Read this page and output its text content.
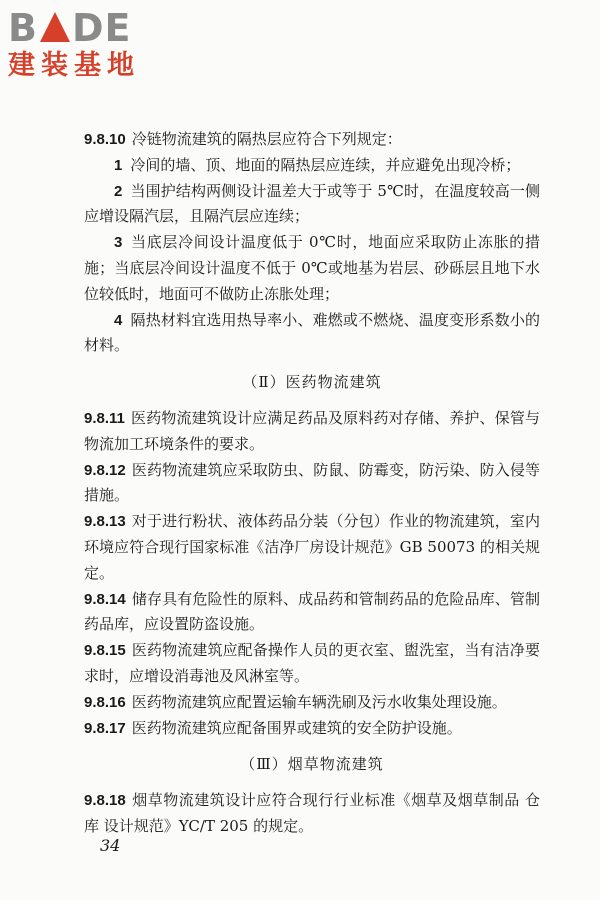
B DE
建装基地

9.8.10 冷链物流建筑的隔热层应符合下列规定：

1 冷间的墙、顶、地面的隔热层应连续，并应避免出现冷桥；

2 当围护结构两侧设计温差大于或等于 5℃时，在温度较高一侧应增设隔汽层，且隔汽层应连续；

3 当底层冷间设计温度低于 0℃时，地面应采取防止冻胀的措施；当底层冷间设计温度不低于 0℃或地基为岩层、砂砾层且地下水位较低时，地面可不做防止冻胀处理；

4 隔热材料宜选用热导率小、难燃或不燃烧、温度变形系数小的材料。

（Ⅱ）医药物流建筑

9.8.11 医药物流建筑设计应满足药品及原料药对存储、养护、保管与物流加工环境条件的要求。

9.8.12 医药物流建筑应采取防虫、防鼠、防霉变，防污染、防入侵等措施。

9.8.13 对于进行粉状、液体药品分装（分包）作业的物流建筑，室内环境应符合现行国家标准《洁净厂房设计规范》GB 50073 的相关规定。

9.8.14 储存具有危险性的原料、成品药和管制药品的危险品库、管制药品库，应设置防盗设施。

9.8.15 医药物流建筑应配备操作人员的更衣室、盥洗室，当有洁净要求时，应增设消毒池及风淋室等。

9.8.16 医药物流建筑应配置运输车辆洗刷及污水收集处理设施。

9.8.17 医药物流建筑应配备围界或建筑的安全防护设施。

（Ⅲ）烟草物流建筑

9.8.18 烟草物流建筑设计应符合现行行业标准《烟草及烟草制品 仓库 设计规范》YC/T 205 的规定。

34
